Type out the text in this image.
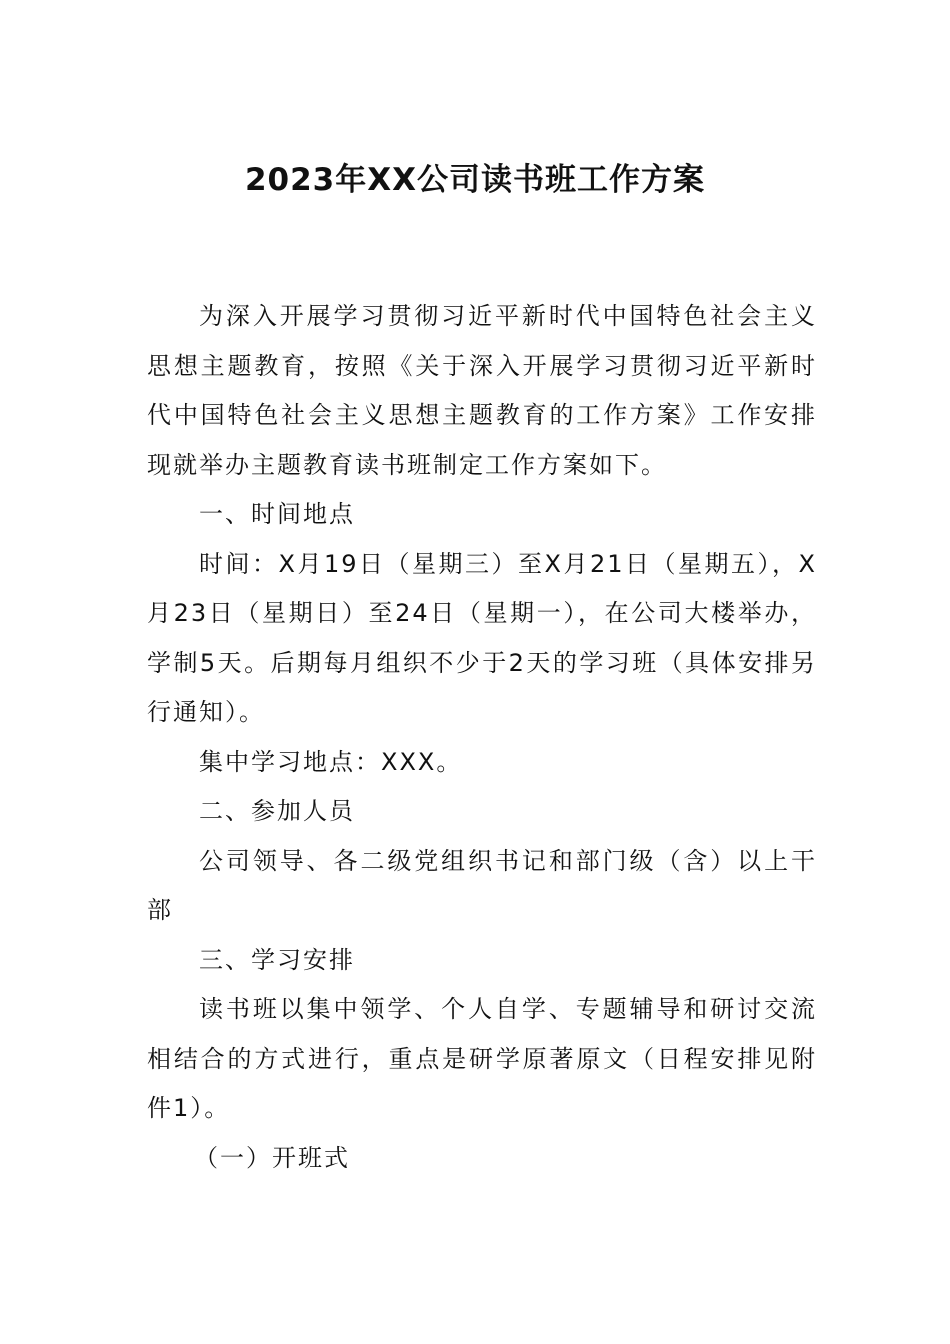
2023年XX公司读书班工作方案

为深入开展学习贯彻习近平新时代中国特色社会主义思想主题教育，按照《关于深入开展学习贯彻习近平新时代中国特色社会主义思想主题教育的工作方案》工作安排现就举办主题教育读书班制定工作方案如下。

一、时间地点

时间：X月19日（星期三）至X月21日（星期五），X月23日（星期日）至24日（星期一），在公司大楼举办，学制5天。后期每月组织不少于2天的学习班（具体安排另行通知）。

集中学习地点：XXX。

二、参加人员

公司领导、各二级党组织书记和部门级（含）以上干部

三、学习安排

读书班以集中领学、个人自学、专题辅导和研讨交流相结合的方式进行，重点是研学原著原文（日程安排见附件1）。

（一）开班式
